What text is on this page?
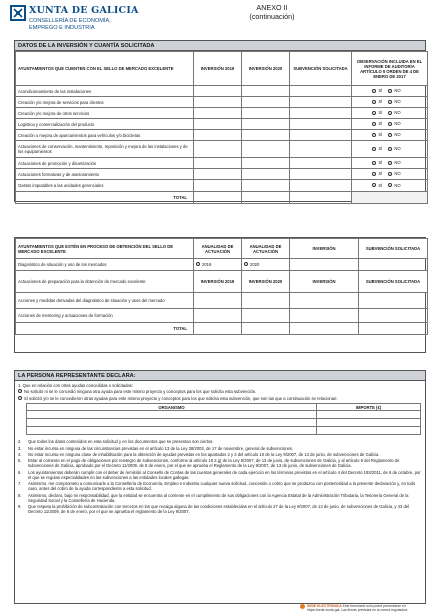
XUNTA DE GALICIA
CONSELLERÍA DE ECONOMÍA,
EMPREGO E INDUSTRIA
ANEXO II
(continuación)
DATOS DE LA INVERSIÓN Y CUANTÍA SOLICITADA
AYUNTAMIENTOS QUE CUENTEN CON EL SELLO DE MERCADO EXCELENTE	INVERSIÓN 2019	INVERSIÓN 2020	SUBVENCIÓN SOLICITADA	OBSERVACIÓN INCLUIDA EN EL INFORME DE AUDITORÍA ARTÍCULO 5 ORDEN DE 4 DE ENERO DE 2017
Acondicionamiento de las instalaciones				SÍ NO

Creación y/o mejora de servicios para clientes				SÍ NO

Creación y/o mejora de otros servicios				SÍ NO

Logística y comercialización del producto				SÍ NO

Creación o mejora de aparcamientos para vehículos y/o bicicletas				SÍ NO

Actuaciones de conservación, mantenimiento, reposición y mejora de las instalaciones y de los equipamientos				SÍ NO

Actuaciones de promoción y dinamización				SÍ NO

Actuaciones formativas y de asesoramiento				SÍ NO

Gastos imputables a las unidades gerenciales				SÍ NO

TOTAL				
AYUNTAMIENTOS QUE ESTÉN EN PROCESO DE OBTENCIÓN DEL SELLO DE MERCADO EXCELENTE	ANUALIDAD DE ACTUACIÓN	ANUALIDAD DE ACTUACIÓN	INVERSIÓN	SUBVENCIÓN SOLICITADA
Diagnóstico de situación y uso de los mercados	2019	2020		

Actuaciones de preparación para la obtención de mercado excelente	INVERSIÓN 2019	INVERSIÓN 2020	INVERSIÓN	SUBVENCIÓN SOLICITADA
Acciones y medidas derivadas del diagnóstico de situación y usos del mercado				
Acciones de mentoring y actuaciones de formación				
TOTAL				
LA PERSONA REPRESENTANTE DECLARA:

1. Que en relación con otras ayudas concedidas o solicitadas:

No solicitó ni se le concedió ninguna otra ayuda para este mismo proyecto y conceptos para los que solicita esta subvención.
Sí solicitó y/o se le concedieron otras ayudas para este mismo proyecto y conceptos para los que solicita esta subvención, que son las que a continuación se relacionan:
ORGANISMO	IMPORTE (€)

2.	Que todos los datos contenidos en esta solicitud y en los documentos que se presentan son ciertos.
3.	No estar incursa en ninguna de las circunstancias previstas en el artículo 13 de la Ley 38/2003, de 17 de noviembre, general de subvenciones.
4.	No estar incursa en ninguna clase de inhabilitación para la obtención de ayudas previstas en los apartados 2 y 3 del artículo 10 de la Ley 9/2007, de 13 de junio, de subvenciones de Galicia.
5.	Estar al corriente en el pago de obligaciones por reintegro de subvenciones, conforme al artículo 10.2.g) de la Ley 9/2007, de 13 de junio, de subvenciones de Galicia, y al artículo 9 del Reglamento de subvenciones de Galicia, aprobado por el Decreto 11/2009, de 8 de enero, por el que se aprueba el Reglamento de la Ley 9/2007, de 13 de junio, de subvenciones de Galicia.
6.	Los ayuntamientos deberán cumplir con el deber de remisión al Consello de Contas de las cuentas generales de cada ejercicio en los términos previstos en el artículo 4 del Decreto 193/2011, de 6 de octubre, por el que se regulan especialidades en las subvenciones a las entidades locales gallegas.
7.	Asimismo, me comprometo a comunicarle a la Consellería de Economía, Empleo e Industria cualquier nueva solicitud, concesión o cobro que se produzca con posterioridad a la presente declaración y, en todo caso, antes del cobro de la ayuda correspondiente a esta solicitud.
8.	Asimismo, declaro, bajo mi responsabilidad, que la entidad se encuentra al corriente en el cumplimiento de sus obligaciones con la Agencia Estatal de la Administración Tributaria, la Tesorería General de la Seguridad Social y la Consellería de Hacienda.
9.	Que respeta la prohibición de subcontratación con terceros en los que recaiga alguna de las condiciones establecidas en el artículo 27 de la Ley 9/2007, de 13 de junio, de subvenciones de Galicia, y 43 del Decreto 11/2009, de 8 de enero, por el que se aprueba el reglamento de la Ley 9/2007.
SEDE ELECTRÓNICA Este formulario solo podrá presentarse en https://sede.xunta.gal. Las firmas previstas en la norma reguladora
